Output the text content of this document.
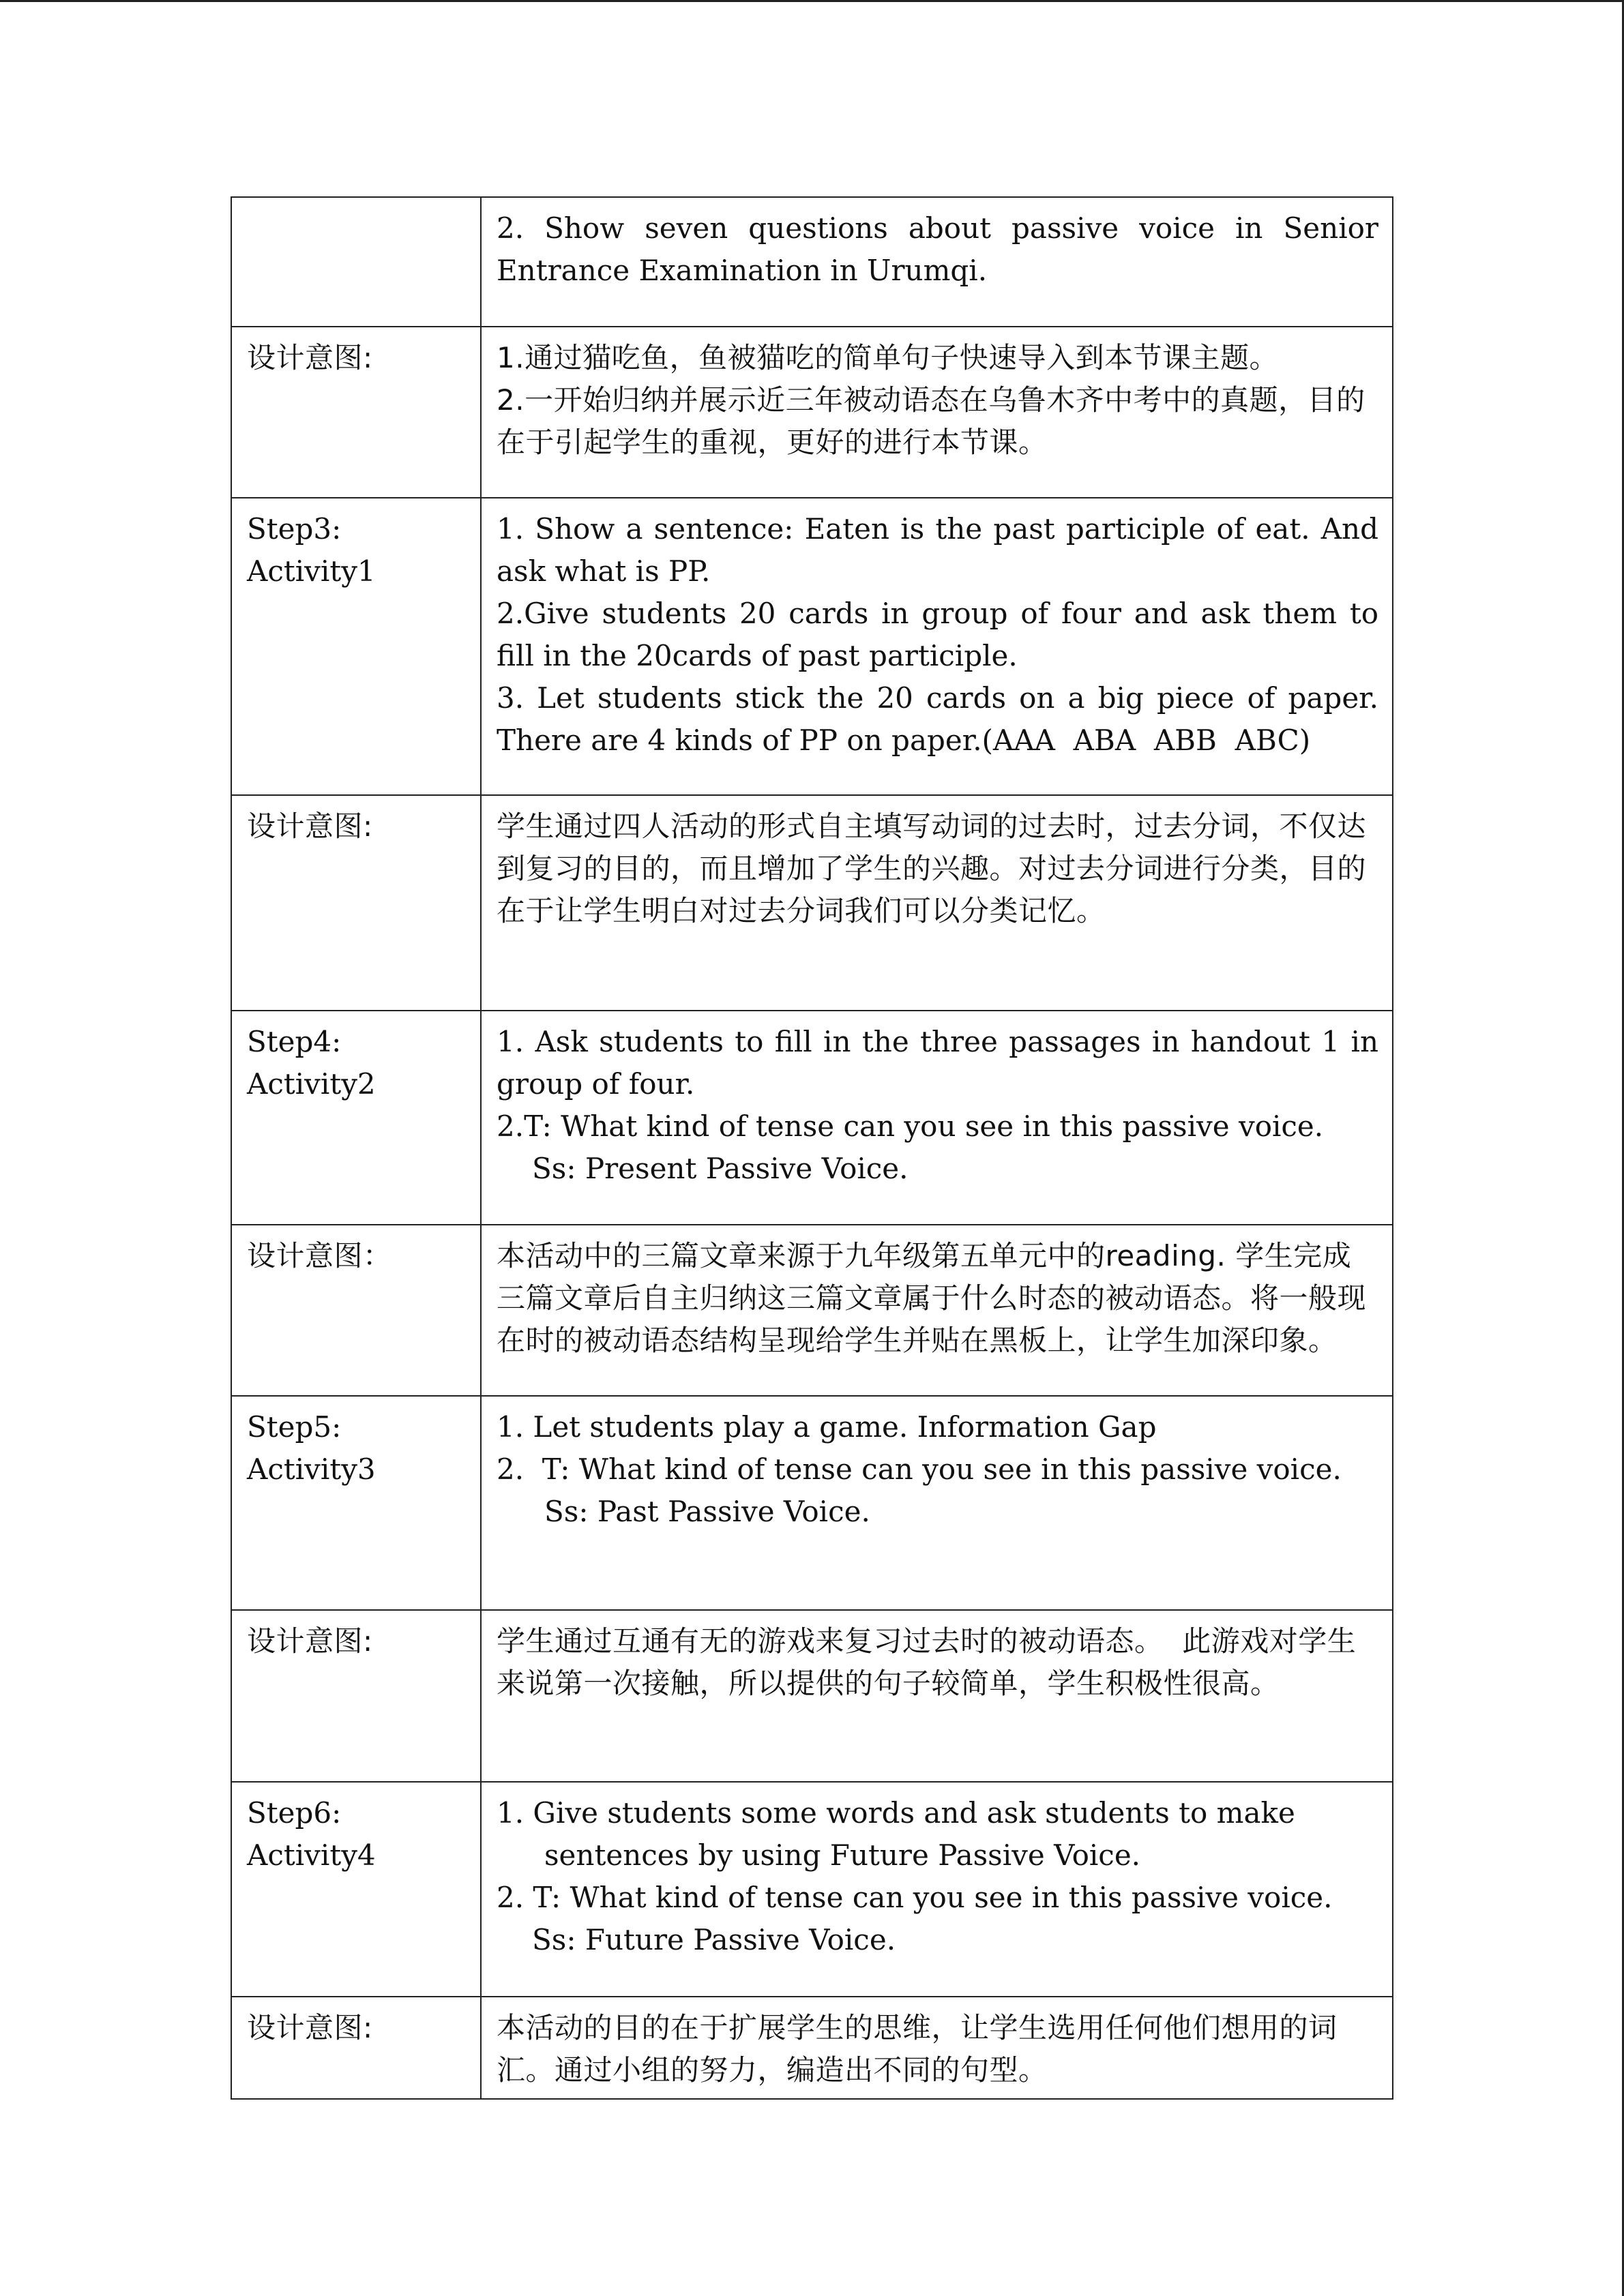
	2. Show seven questions about passive voice in Senior Entrance Examination in Urumqi.

设计意图:	1.通过猫吃鱼，鱼被猫吃的简单句子快速导入到本节课主题。
2.一开始归纳并展示近三年被动语态在乌鲁木齐中考中的真题，目的在于引起学生的重视，更好的进行本节课。

Step3:
Activity1	1. Show a sentence: Eaten is the past participle of eat. And ask what is PP.
2.Give students 20 cards in group of four and ask them to fill in the 20cards of past participle.
3. Let students stick the 20 cards on a big piece of paper. There are 4 kinds of PP on paper.(AAA  ABA  ABB  ABC)

设计意图:	学生通过四人活动的形式自主填写动词的过去时，过去分词，不仅达到复习的目的，而且增加了学生的兴趣。对过去分词进行分类，目的在于让学生明白对过去分词我们可以分类记忆。

Step4:
Activity2	1. Ask students to fill in the three passages in handout 1 in group of four.
2.T: What kind of tense can you see in this passive voice.
Ss: Present Passive Voice.

设计意图：	本活动中的三篇文章来源于九年级第五单元中的reading. 学生完成三篇文章后自主归纳这三篇文章属于什么时态的被动语态。将一般现在时的被动语态结构呈现给学生并贴在黑板上，让学生加深印象。

Step5:
Activity3	1. Let students play a game. Information Gap
2.  T: What kind of tense can you see in this passive voice.
Ss: Past Passive Voice.

设计意图:	学生通过互通有无的游戏来复习过去时的被动语态。  此游戏对学生来说第一次接触，所以提供的句子较简单，学生积极性很高。

Step6:
Activity4	1. Give students some words and ask students to make
sentences by using Future Passive Voice.
2. T: What kind of tense can you see in this passive voice.
Ss: Future Passive Voice.

设计意图:	本活动的目的在于扩展学生的思维，让学生选用任何他们想用的词汇。通过小组的努力，编造出不同的句型。
